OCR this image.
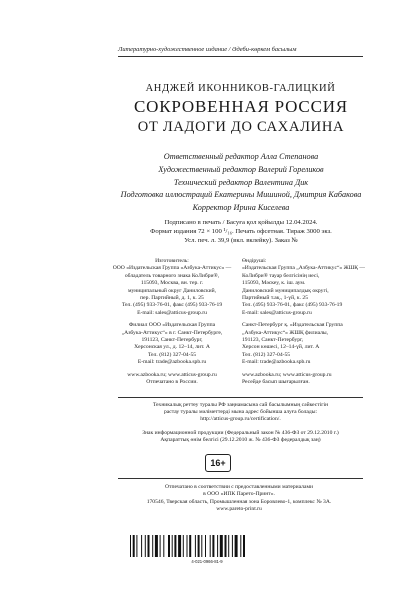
Литературно-художественное издание / Әдеби-көркем басылым
АНДЖЕЙ ИКОННИКОВ-ГАЛИЦКИЙ
СОКРОВЕННАЯ РОССИЯ
ОТ ЛАДОГИ ДО САХАЛИНА
Ответственный редактор Алла Степанова
Художественный редактор Валерий Гореликов
Технический редактор Валентина Дик
Подготовка иллюстраций Екатерины Мишиной, Дмитрия Кабакова
Корректор Ирина Киселева
Подписано в печать / Басуға қол қойылды 12.04.2024.
Формат издания 72 × 100 ¹/₁₆. Печать офсетная. Тираж 3000 экз.
Усл. печ. л. 39,9 (вкл. вклейку). Заказ №
Изготовитель:
ООО «Издательская Группа «Азбука-Аттикус» —
обладатель товарного знака КоЛибри®,
115093, Москва, вн. тер. г.
муниципальный округ Даниловский,
пер. Партийный, д. 1, к. 25
Тел. (495) 933-76-01, факс (495) 933-76-19
E-mail: sales@atticus-group.ru
Филиал ООО «Издательская Группа
„Азбука-Аттикус“» в г. Санкт-Петербурге,
191123, Санкт-Петербург,
Херсонская ул., д. 12–14, лит. А
Тел. (812) 327-04-55
E-mail: trade@azbooka.spb.ru
www.azbooka.ru; www.atticus-group.ru
Отпечатано в России.
Өндіруші:
«Издательская Группа „Азбука-Аттикус“» ЖШҚ —
КоЛибри® тауар белгісінің иесі,
115093, Мәскеу, к. іш. аум.
Даниловский муниципалдық округі,
Партийный т.ақ., 1-үй, к. 25
Тел. (495) 933-76-01, факс (495) 933-76-19
E-mail: sales@atticus-group.ru
Санкт-Петербург қ. «Издательская Группа
„Азбука-Аттикус“» ЖШҚ филиалы,
191123, Санкт-Петербург,
Херсон көшесі, 12–14-үй, лит. А
Тел. (812) 327-04-55
E-mail: trade@azbooka.spb.ru
www.azbooka.ru; www.atticus-group.ru
Ресейде басып шығарылған.
Техникалық реттеу туралы РФ заңнамасына сай басылымның сәйкестігін
растау туралы мәліметтерді мына адрес бойынша алуға болады:
http://atticus-group.ru/certification/.
Знак информационной продукции (Федеральный закон № 436-ФЗ от 29.12.2010 г.)
Ақпараттық өнім белгісі (29.12.2010 ж. № 436-ФЗ федералдық заң)
16+
Отпечатано в соответствии с предоставленными материалами
в ООО «ИПК Парето-Принт».
170546, Тверская область, Промышленная зона Боровлево-1, комплекс № 3А.
www.pareto-print.ru
4-021-0966-81-9
